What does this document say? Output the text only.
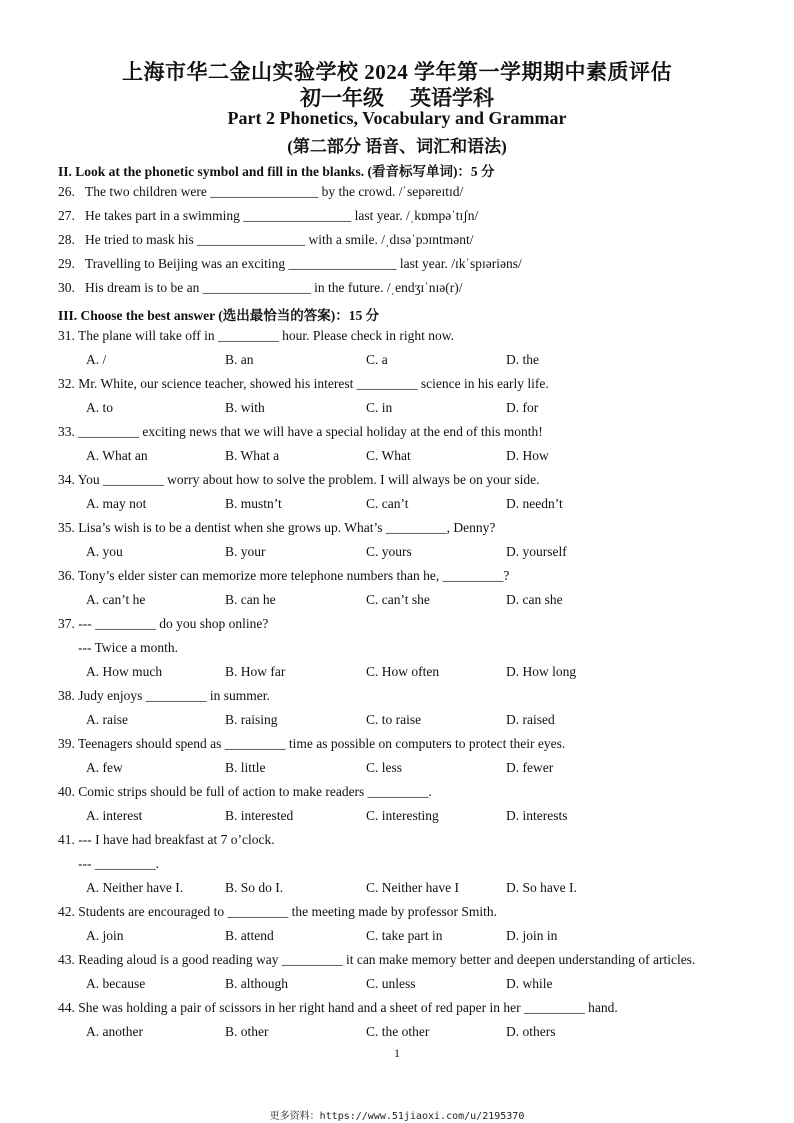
上海市华二金山实验学校 2024 学年第一学期期中素质评估
初一年级 英语学科
Part 2 Phonetics, Vocabulary and Grammar
(第二部分 语音、词汇和语法)
II. Look at the phonetic symbol and fill in the blanks. (看音标写单词)：5 分
26. The two children were ________________ by the crowd. /ˈsepəreɪtɪd/
27. He takes part in a swimming ________________ last year. /ˌkɒmpəˈtɪʃn/
28. He tried to mask his ________________ with a smile. /ˌdɪsəˈpɔɪntmənt/
29. Travelling to Beijing was an exciting ________________ last year. /ɪkˈspɪəriəns/
30. His dream is to be an ________________ in the future. /ˌendʒɪˈnɪə(r)/
III. Choose the best answer (选出最恰当的答案)：15 分
31. The plane will take off in _________ hour. Please check in right now.
A. /	B. an	C. a	D. the
32. Mr. White, our science teacher, showed his interest _________ science in his early life.
A. to	B. with	C. in	D. for
33. _________ exciting news that we will have a special holiday at the end of this month!
A. What an	B. What a	C. What	D. How
34. You _________ worry about how to solve the problem. I will always be on your side.
A. may not	B. mustn’t	C. can’t	D. needn’t
35. Lisa’s wish is to be a dentist when she grows up. What’s _________, Denny?
A. you	B. your	C. yours	D. yourself
36. Tony’s elder sister can memorize more telephone numbers than he, _________?
A. can’t he	B. can he	C. can’t she	D. can she
37. --- _________ do you shop online?
--- Twice a month.
A. How much	B. How far	C. How often	D. How long
38. Judy enjoys _________ in summer.
A. raise	B. raising	C. to raise	D. raised
39. Teenagers should spend as _________ time as possible on computers to protect their eyes.
A. few	B. little	C. less	D. fewer
40. Comic strips should be full of action to make readers _________.
A. interest	B. interested	C. interesting	D. interests
41. --- I have had breakfast at 7 o’clock.
--- _________.
A. Neither have I.	B. So do I.	C. Neither have I	D. So have I.
42. Students are encouraged to _________ the meeting made by professor Smith.
A. join	B. attend	C. take part in	D. join in
43. Reading aloud is a good reading way _________ it can make memory better and deepen understanding of articles.
A. because	B. although	C. unless	D. while
44. She was holding a pair of scissors in her right hand and a sheet of red paper in her _________ hand.
A. another	B. other	C. the other	D. others
1
更多资料：https://www.51jiaoxi.com/u/2195370
